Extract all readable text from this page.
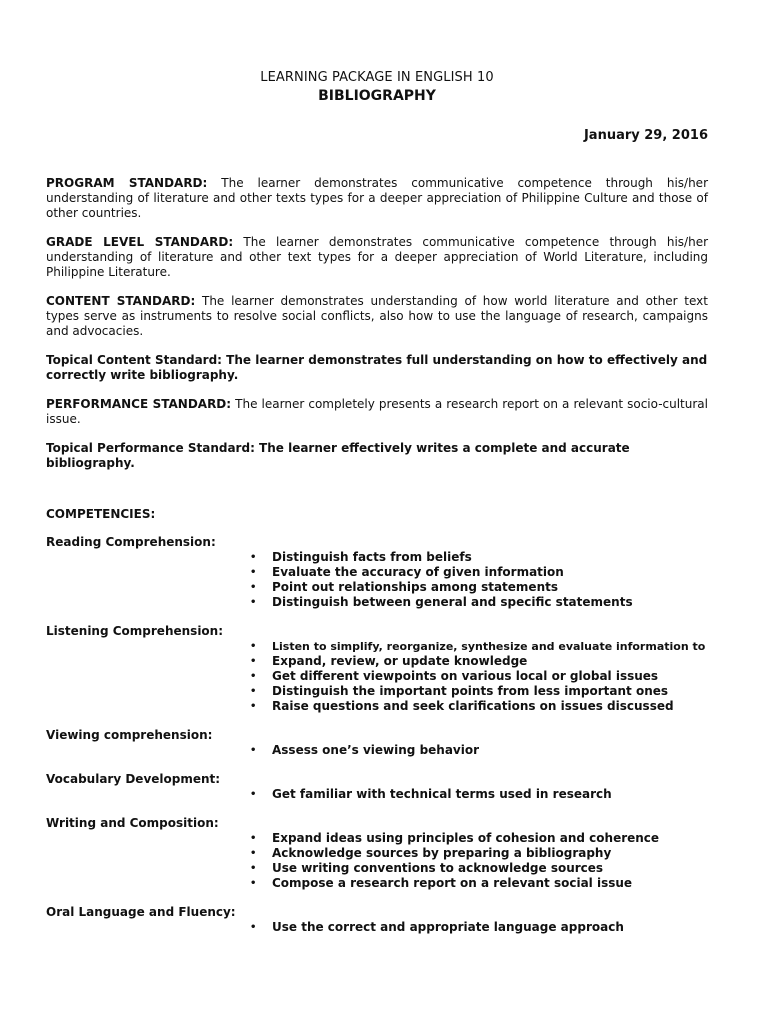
LEARNING PACKAGE IN ENGLISH 10
BIBLIOGRAPHY
January 29, 2016

PROGRAM STANDARD: The learner demonstrates communicative competence through his/her understanding of literature and other texts types for a deeper appreciation of Philippine Culture and those of other countries.

GRADE LEVEL STANDARD: The learner demonstrates communicative competence through his/her understanding of literature and other text types for a deeper appreciation of World Literature, including Philippine Literature.

CONTENT STANDARD: The learner demonstrates understanding of how world literature and other text types serve as instruments to resolve social conflicts, also how to use the language of research, campaigns and advocacies.

Topical Content Standard: The learner demonstrates full understanding on how to effectively and correctly write bibliography.

PERFORMANCE STANDARD: The learner completely presents a research report on a relevant socio-cultural issue.

Topical Performance Standard: The learner effectively writes a complete and accurate bibliography.

COMPETENCIES:
Reading Comprehension:
• Distinguish facts from beliefs
• Evaluate the accuracy of given information
• Point out relationships among statements
• Distinguish between general and specific statements
Listening Comprehension:
• Listen to simplify, reorganize, synthesize and evaluate information to
• Expand, review, or update knowledge
• Get different viewpoints on various local or global issues
• Distinguish the important points from less important ones
• Raise questions and seek clarifications on issues discussed
Viewing comprehension:
• Assess one’s viewing behavior
Vocabulary Development:
• Get familiar with technical terms used in research
Writing and Composition:
• Expand ideas using principles of cohesion and coherence
• Acknowledge sources by preparing a bibliography
• Use writing conventions to acknowledge sources
• Compose a research report on a relevant social issue
Oral Language and Fluency:
• Use the correct and appropriate language approach
